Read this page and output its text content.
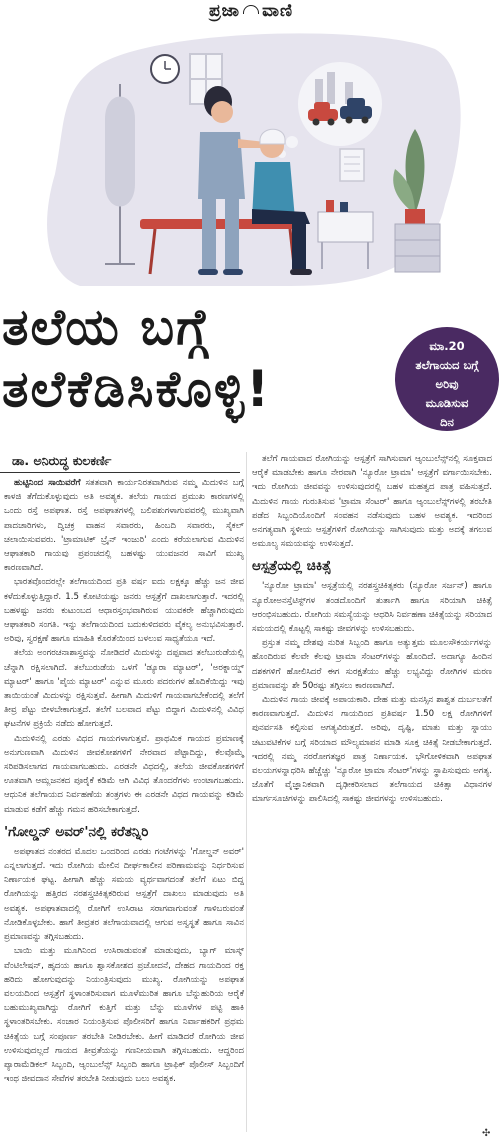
ಪ್ರಜಾ ವಾಣಿ
ತಲೆಯ ಬಗ್ಗೆ
ತಲೆಕೆಡಿಸಿಕೊಳ್ಳಿ!
ಮಾ.20
ತಲೆಗಾಯದ ಬಗ್ಗೆ
ಅರಿವು
ಮೂಡಿಸುವ
ದಿನ
ಡಾ. ಅನಿರುದ್ಧ ಕುಲಕರ್ಣಿ

ಹುಟ್ಟಿನಿಂದ ಸಾಯಿವರೆಗೆ ಸತತವಾಗಿ ಕಾರ್ಯನಿರತವಾಗಿರುವ ನಮ್ಮ ಮಿದುಳಿನ ಬಗ್ಗೆ ಕಾಳಜಿ ತೆಗೆದುಕೊಳ್ಳುವುದು ಅತಿ ಅವಶ್ಯಕ. ತಲೆಯ ಗಾಯದ ಪ್ರಮುಖ ಕಾರಣಗಳಲ್ಲಿ ಒಂದು ರಸ್ತೆ ಅಪಘಾತ. ರಸ್ತೆ ಅಪಘಾತಗಳಲ್ಲಿ ಬಲಿಪಶುಗಳಾಗುವವರಲ್ಲಿ ಮುಖ್ಯವಾಗಿ ಪಾದಚಾರಿಗಳು, ದ್ವಿಚಕ್ರ ವಾಹನ ಸವಾರರು, ಹಿಂಬದಿ ಸವಾರರು, ಸೈಕಲ್ ಚಲಾಯಿಸುವವರು. 'ಟ್ರಾಮಾಟಿಕ್ ಬ್ರೈನ್ ಇಂಜುರಿ' ಎಂದು ಕರೆಯಲಾಗುವ ಮಿದುಳಿನ ಆಘಾತಕಾರಿ ಗಾಯವು ಪ್ರಪಂಚದಲ್ಲಿ ಬಹಳಷ್ಟು ಯುವಜನರ ಸಾವಿಗೆ ಮುಖ್ಯ ಕಾರಣವಾಗಿದೆ.

ಭಾರತವೊಂದರಲ್ಲೇ ತಲೆಗಾಯದಿಂದ ಪ್ರತಿ ವರ್ಷ ಐದು ಲಕ್ಷಕ್ಕೂ ಹೆಚ್ಚು ಜನ ಜೀವ ಕಳೆದುಕೊಳ್ಳುತ್ತಿದ್ದಾರೆ. 1.5 ಕೋಟಿಯಷ್ಟು ಜನರು ಆಸ್ಪತ್ರೆಗೆ ದಾಖಲಾಗುತ್ತಾರೆ. ಇದರಲ್ಲಿ ಬಹಳಷ್ಟು ಜನರು ಕುಟುಂಬದ ಆಧಾರಸ್ತಂಭವಾಗಿರುವ ಯುವಕರೇ ಹೆಚ್ಚಾಗಿರುವುದು ಆಘಾತಕಾರಿ ಸಂಗತಿ. ಇನ್ನು ತಲೆಗಾಯದಿಂದ ಬದುಕುಳಿದವರು ವೈಕಲ್ಯ ಅನುಭವಿಸುತ್ತಾರೆ. ಅರಿವು, ಸ್ವರಕ್ಷಣೆ ಹಾಗೂ ಮಾಹಿತಿ ಕೊರತೆಯಿಂದ ಬಳಲುವ ಸಾಧ್ಯತೆಯೂ ಇದೆ.

ತಲೆಯ ಅಂಗರಚನಾಶಾಸ್ತ್ರವನ್ನು ನೋಡಿದರೆ ಮಿದುಳನ್ನು ದಪ್ಪವಾದ ತಲೆಬುರುಡೆಯಲ್ಲಿ ಚೆನ್ನಾಗಿ ರಕ್ಷಿಸಲಾಗಿದೆ. ತಲೆಬುರುಡೆಯ ಒಳಗೆ 'ಡ್ಯೂರಾ ಮ್ಯಾಟರ್', 'ಅರಕ್ನಾಯ್ಡ್ ಮ್ಯಾಟರ್' ಹಾಗೂ 'ಪೈಯ ಮ್ಯಾಟರ್' ಎನ್ನುವ ಮೂರು ಪದರುಗಳ ಹೊದಿಕೆಯಿದ್ದು ಇವು ತಾಯಿಯಂತೆ ಮಿದುಳನ್ನು ರಕ್ಷಿಸುತ್ತವೆ. ಹೀಗಾಗಿ ಮಿದುಳಿಗೆ ಗಾಯವಾಗಬೇಕೆಂದಲ್ಲಿ ತಲೆಗೆ ತೀವ್ರ ಪೆಟ್ಟು ಬೀಳಬೇಕಾಗುತ್ತದೆ. ತಲೆಗೆ ಬಲವಾದ ಪೆಟ್ಟು ಬಿದ್ದಾಗ ಮಿದುಳಿನಲ್ಲಿ ವಿವಿಧ ಘಟನೆಗಳ ಪ್ರಕ್ರಿಯೆ ನಡೆದು ಹೋಗುತ್ತದೆ.

ಮಿದುಳಿನಲ್ಲಿ ಎರಡು ವಿಧದ ಗಾಯಗಳಾಗುತ್ತವೆ. ಪ್ರಾಥಮಿಕ ಗಾಯದ ಪ್ರಮಾಣಕ್ಕೆ ಅನುಗುಣವಾಗಿ ಮಿದುಳಿನ ಜೀವಕೋಶಗಳಿಗೆ ನೇರವಾದ ಪೆಟ್ಟಾದಿದ್ದು, ಕೆಲವೊಮ್ಮೆ ಸರಿಪಡಿಸಲಾಗದ ಗಾಯವಾಗಬಹುದು. ಎರಡನೇ ವಿಧದಲ್ಲಿ, ತಲೆಯ ಜೀವಕೋಶಗಳಿಗೆ ಊತವಾಗಿ ಆಮ್ಲಜನಕದ ಪೂರೈಕೆ ಕಡಿಮೆ ಆಗಿ ವಿವಿಧ ತೊಂದರೆಗಳು ಉಂಟಾಗಬಹುದು. ಆಧುನಿಕ ತಲೆಗಾಯದ ನಿರ್ವಹಣೆಯ ತಂತ್ರಗಳು ಈ ಎರಡನೇ ವಿಧದ ಗಾಯವನ್ನು ಕಡಿಮೆ ಮಾಡುವ ಕಡೆಗೆ ಹೆಚ್ಚು ಗಮನ ಹರಿಸಬೇಕಾಗುತ್ತದೆ.

'ಗೋಲ್ಡನ್ ಅವರ್'ನಲ್ಲಿ ಕರೆತನ್ನಿರಿ

ಅಪಘಾತದ ನಂತರದ ಮೊದಲ ಒಂದರಿಂದ ಎರಡು ಗಂಟೆಗಳನ್ನು 'ಗೋಲ್ಡನ್ ಅವರ್' ಎನ್ನಲಾಗುತ್ತದೆ. ಇದು ರೋಗಿಯ ಮೇಲಿನ ದೀರ್ಘಕಾಲೀನ ಪರಿಣಾಮವನ್ನು ನಿರ್ಧರಿಸುವ ನಿರ್ಣಾಯಕ ಘಟ್ಟ. ಹೀಗಾಗಿ ಹೆಚ್ಚು ಸಮಯ ವ್ಯರ್ಥವಾಗದಂತೆ ತಲೆಗೆ ಏಟು ಬಿದ್ದ ರೋಗಿಯನ್ನು ಹತ್ತಿರದ ನರಶಸ್ತ್ರಚಿಕಿತ್ಸಕರಿರುವ ಆಸ್ಪತ್ರೆಗೆ ದಾಖಲು ಮಾಡುವುದು ಅತಿ ಅವಶ್ಯಕ. ಅಪಘಾತವಾದಲ್ಲಿ ರೋಗಿಗೆ ಉಸಿರಾಟ ಸರಾಗವಾಗುವಂತೆ ಗಾಳಿಬರುವಂತೆ ನೋಡಿಕೊಳ್ಳಬೇಕು. ಹಾಗೆ ತೀವ್ರತರ ತಲೆಗಾಯವಾದಲ್ಲಿ ಆಗುವ ಅಸ್ವಸ್ಥತೆ ಹಾಗೂ ಸಾವಿನ ಪ್ರಮಾಣವನ್ನು ತಗ್ಗಿಸಬಹುದು.

ಬಾಯಿ ಮತ್ತು ಮೂಗಿನಿಂದ ಉಸಿರಾಡುವಂತೆ ಮಾಡುವುದು, ಬ್ಯಾಗ್ ಮಾಸ್ಕ್ ವೆಂಟಿಲೇಷನ್, ಹೃದಯ ಹಾಗೂ ಶ್ವಾಸಕೋಶದ ಪ್ರಚೋದನೆ, ದೇಹದ ಗಾಯದಿಂದ ರಕ್ತ ಹರಿದು ಹೋಗುವುದನ್ನು ನಿಯಂತ್ರಿಸುವುದು ಮುಖ್ಯ. ರೋಗಿಯನ್ನು ಅಪಘಾತ ವಲಯದಿಂದ ಆಸ್ಪತ್ರೆಗೆ ಸ್ಥಳಾಂತರಿಸುವಾಗ ಮೂಳೆಮುರಿತ ಹಾಗೂ ಬೆನ್ನುಹುರಿಯ ಆರೈಕೆ ಬಹುಮುಖ್ಯವಾಗಿದ್ದು ರೋಗಿಗೆ ಕುತ್ತಿಗೆ ಮತ್ತು ಬೆನ್ನು ಮೂಳೆಗಳ ಪಟ್ಟಿ ಹಾಕಿ ಸ್ಥಳಾಂತರಿಸಬೇಕು. ಸಂಚಾರ ನಿಯಂತ್ರಿಸುವ ಪೊಲೀಸರಿಗೆ ಹಾಗೂ ನಿರ್ವಾಹಕರಿಗೆ ಪ್ರಥಮ ಚಿಕಿತ್ಸೆಯ ಬಗ್ಗೆ ಸಂಪೂರ್ಣ ತರಬೇತಿ ನೀಡಿರಬೇಕು. ಹೀಗೆ ಮಾಡಿದರೆ ರೋಗಿಯ ಜೀವ ಉಳಿಸುವುದಲ್ಲದೆ ಗಾಯದ ತೀವ್ರತೆಯನ್ನು ಗಣನೀಯವಾಗಿ ತಗ್ಗಿಸಬಹುದು. ಆದ್ದರಿಂದ ಪ್ಯಾರಾಮೆಡಿಕಲ್ ಸಿಬ್ಬಂದಿ, ಆ್ಯಂಬುಲೆನ್ಸ್ ಸಿಬ್ಬಂದಿ ಹಾಗೂ ಟ್ರಾಫಿಕ್ ಪೊಲೀಸ್ ಸಿಬ್ಬಂದಿಗೆ ಇಂಥ ಜೀವದಾನ ಸೇವೆಗಳ ತರಬೇತಿ ನೀಡುವುದು ಬಲು ಅವಶ್ಯಕ.

ತಲೆಗೆ ಗಾಯವಾದ ರೋಗಿಯನ್ನು ಆಸ್ಪತ್ರೆಗೆ ಸಾಗಿಸುವಾಗ ಆ್ಯಂಬುಲೆನ್ಸ್‌ನಲ್ಲಿ ಸೂಕ್ತವಾದ ಆರೈಕೆ ಮಾಡಬೇಕು ಹಾಗೂ ನೇರವಾಗಿ 'ನ್ಯೂರೋ ಟ್ರಾಮಾ' ಆಸ್ಪತ್ರೆಗೆ ವರ್ಗಾಯಿಸಬೇಕು. ಇದು ರೋಗಿಯ ಜೀವವನ್ನು ಉಳಿಸುವುದರಲ್ಲಿ ಬಹಳ ಮಹತ್ವದ ಪಾತ್ರ ವಹಿಸುತ್ತದೆ. ಮಿದುಳಿನ ಗಾಯ ಗುರುತಿಸುವ 'ಟ್ರಾಮಾ ಸೆಂಟರ್' ಹಾಗೂ ಆ್ಯಂಬುಲೆನ್ಸ್‌ಗಳಲ್ಲಿ ತರಬೇತಿ ಪಡೆದ ಸಿಬ್ಬಂದಿಯೊಂದಿಗೆ ಸಂವಹನ ನಡೆಸುವುದು ಬಹಳ ಅವಶ್ಯಕ. ಇದರಿಂದ ಅನಗತ್ಯವಾಗಿ ಸ್ಥಳೀಯ ಆಸ್ಪತ್ರೆಗಳಿಗೆ ರೋಗಿಯನ್ನು ಸಾಗಿಸುವುದು ಮತ್ತು ಅದಕ್ಕೆ ತಗಲುವ ಅಮೂಲ್ಯ ಸಮಯವನ್ನು ಉಳಿಸುತ್ತದೆ.

ಆಸ್ಪತ್ರೆಯಲ್ಲಿ ಚಿಕಿತ್ಸೆ

'ನ್ಯೂರೋ ಟ್ರಾಮಾ' ಆಸ್ಪತ್ರೆಯಲ್ಲಿ ನರಶಸ್ತ್ರಚಿಕಿತ್ಸಕರು (ನ್ಯೂರೋ ಸರ್ಜನ್) ಹಾಗೂ ನ್ಯೂರೋಅನಸ್ತೆಟಿಸ್ಟ್‌ಗಳ ತಂಡದೊಂದಿಗೆ ತುರ್ತಾಗಿ ಹಾಗೂ ಸರಿಯಾಗಿ ಚಿಕಿತ್ಸೆ ಆರಂಭಿಸಬಹುದು. ರೋಗಿಯ ಸಮಸ್ಯೆಯನ್ನು ಆಧರಿಸಿ ನಿರ್ವಹಣಾ ಚಿಕಿತ್ಸೆಯನ್ನು ಸರಿಯಾದ ಸಮಯದಲ್ಲಿ ಕೊಟ್ಟಲ್ಲಿ ಸಾಕಷ್ಟು ಜೀವಗಳನ್ನು ಉಳಿಸಬಹುದು.

ಪ್ರಸ್ತುತ ನಮ್ಮ ದೇಶವು ನುರಿತ ಸಿಬ್ಬಂದಿ ಹಾಗೂ ಅತ್ಯುತ್ತಮ ಮೂಲಸೌಕರ್ಯಗಳನ್ನು ಹೊಂದಿರುವ ಕೆಲವೇ ಕೆಲವು ಟ್ರಾಮಾ ಸೆಂಟರ್‌ಗಳನ್ನು ಹೊಂದಿದೆ. ಅದಾಗ್ಯೂ ಹಿಂದಿನ ದಶಕಗಳಿಗೆ ಹೋಲಿಸಿದರೆ ಈಗ ಸುರಕ್ಷತೆಯು ಹೆಚ್ಚು ಲಭ್ಯವಿದ್ದು ರೋಗಿಗಳ ಮರಣ ಪ್ರಮಾಣವನ್ನು ಶೇ 50ರಷ್ಟು ತಗ್ಗಿಸಲು ಕಾರಣವಾಗಿದೆ.

ಮಿದುಳಿನ ಗಾಯ ಜೀವಕ್ಕೆ ಅಪಾಯಕಾರಿ. ದೇಹ ಮತ್ತು ಮನಸ್ಸಿನ ಶಾಶ್ವತ ದುರ್ಬಲತೆಗೆ ಕಾರಣವಾಗುತ್ತದೆ. ಮಿದುಳಿನ ಗಾಯದಿಂದ ಪ್ರತಿವರ್ಷ 1.50 ಲಕ್ಷ ರೋಗಿಗಳಿಗೆ ಪುನರ್ವಸತಿ ಕಲ್ಪಿಸುವ ಅಗತ್ಯವಿರುತ್ತದೆ. ಅರಿವು, ದೃಷ್ಟಿ, ಮಾತು ಮತ್ತು ಸ್ನಾಯು ಚಟುವಟಿಕೆಗಳ ಬಗ್ಗೆ ಸರಿಯಾದ ಮೌಲ್ಯಮಾಪನ ಮಾಡಿ ಸೂಕ್ತ ಚಿಕಿತ್ಸೆ ನೀಡಬೇಕಾಗುತ್ತದೆ. ಇದರಲ್ಲಿ ನಮ್ಮ ನರರೋಗತಜ್ಞರ ಪಾತ್ರ ನಿರ್ಣಾಯಕ. ಭೌಗೋಳಿಕವಾಗಿ ಅಪಘಾತ ವಲಯಗಳನ್ನಾಧರಿಸಿ ಹೆಚ್ಚೆಚ್ಚು 'ನ್ಯೂರೋ ಟ್ರಾಮಾ ಸೆಂಟರ್'ಗಳನ್ನು ಸ್ಥಾಪಿಸುವುದು ಅಗತ್ಯ. ಜೊತೆಗೆ ವೈಜ್ಞಾನಿಕವಾಗಿ ದೃಢೀಕರಿಸಲಾದ ತಲೆಗಾಯದ ಚಿಕಿತ್ಸಾ ವಿಧಾನಗಳ ಮಾರ್ಗಸೂಚಿಗಳನ್ನು ಪಾಲಿಸಿದಲ್ಲಿ ಸಾಕಷ್ಟು ಜೀವಗಳನ್ನು ಉಳಿಸಬಹುದು.

✣
